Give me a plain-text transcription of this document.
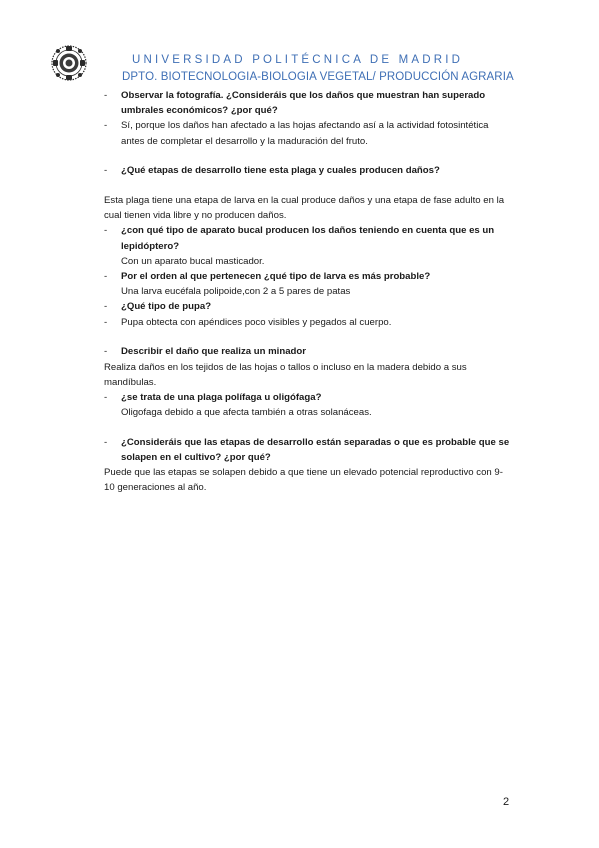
UNIVERSIDAD POLITÉCNICA DE MADRID
DPTO. BIOTECNOLOGIA-BIOLOGIA VEGETAL/ PRODUCCIÓN AGRARIA
- Observar la fotografía. ¿Consideráis que los daños que muestran han superado umbrales económicos? ¿por qué?
- Sí, porque los daños han afectado a las hojas afectando así a la actividad fotosintética antes de completar el desarrollo y la maduración del fruto.
- ¿Qué etapas de desarrollo tiene esta plaga y cuales producen daños?
Esta plaga tiene una etapa de larva en la cual produce daños y una etapa de fase adulto en la cual tienen vida libre y no producen daños.
- ¿con qué tipo de aparato bucal producen los daños teniendo en cuenta que es un lepidóptero?
Con un aparato bucal masticador.
- Por el orden al que pertenecen ¿qué tipo de larva es más probable?
Una larva eucéfala polipoide,con 2 a 5 pares de patas
- ¿Qué tipo de pupa?
- Pupa obtecta con apéndices poco visibles y pegados al cuerpo.
- Describir el daño que realiza un minador
Realiza daños en los tejidos de las hojas o tallos o incluso en la madera debido a sus mandíbulas.
- ¿se trata de una plaga polífaga u oligófaga?
Oligofaga debido a que afecta también a otras solanáceas.
- ¿Consideráis que las etapas de desarrollo están separadas o que es probable que se solapen en el cultivo? ¿por qué?
Puede que las etapas se solapen debido a que tiene un elevado potencial reproductivo con 9-10 generaciones al año.
2
